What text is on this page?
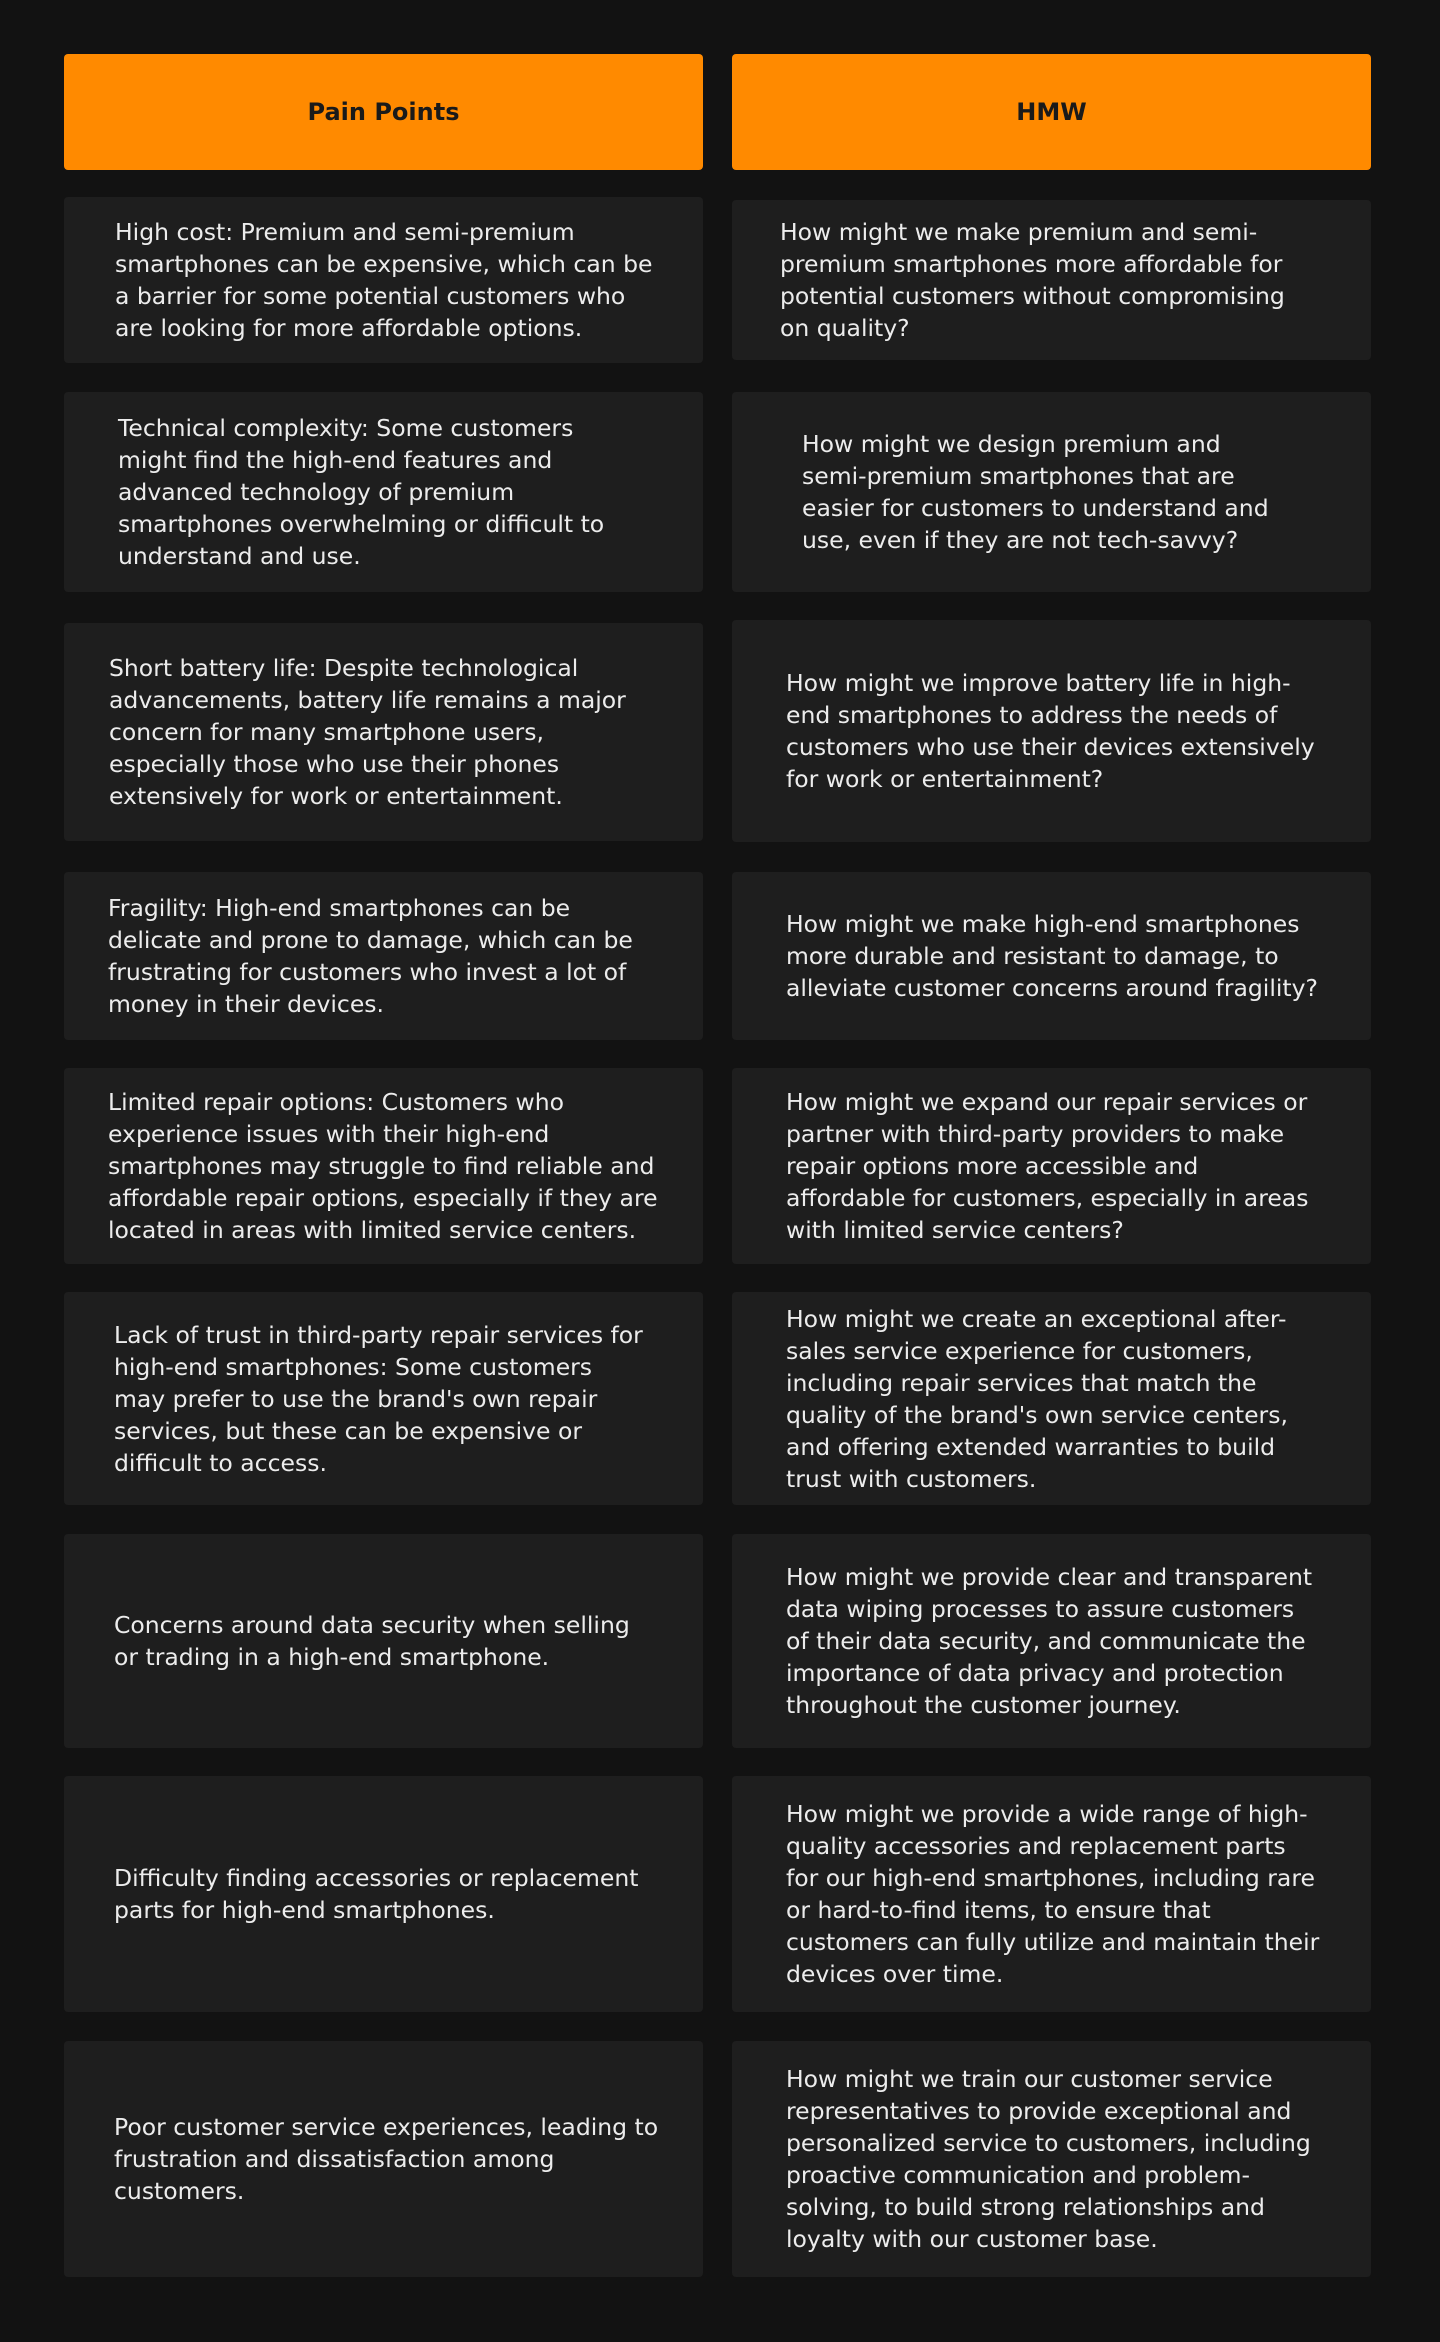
Pain Points	HMW

High cost: Premium and semi-premium
smartphones can be expensive, which can be
a barrier for some potential customers who
are looking for more affordable options.

Technical complexity: Some customers
might find the high-end features and
advanced technology of premium
smartphones overwhelming or difficult to
understand and use.

Short battery life: Despite technological
advancements, battery life remains a major
concern for many smartphone users,
especially those who use their phones
extensively for work or entertainment.

Fragility: High-end smartphones can be
delicate and prone to damage, which can be
frustrating for customers who invest a lot of
money in their devices.

Limited repair options: Customers who
experience issues with their high-end
smartphones may struggle to find reliable and
affordable repair options, especially if they are
located in areas with limited service centers.

Lack of trust in third-party repair services for
high-end smartphones: Some customers
may prefer to use the brand's own repair
services, but these can be expensive or
difficult to access.

Concerns around data security when selling
or trading in a high-end smartphone.

Difficulty finding accessories or replacement
parts for high-end smartphones.

Poor customer service experiences, leading to
frustration and dissatisfaction among
customers.

How might we make premium and semi-
premium smartphones more affordable for
potential customers without compromising
on quality?

How might we design premium and
semi-premium smartphones that are
easier for customers to understand and
use, even if they are not tech-savvy?

How might we improve battery life in high-
end smartphones to address the needs of
customers who use their devices extensively
for work or entertainment?

How might we make high-end smartphones
more durable and resistant to damage, to
alleviate customer concerns around fragility?

How might we expand our repair services or
partner with third-party providers to make
repair options more accessible and
affordable for customers, especially in areas
with limited service centers?

How might we create an exceptional after-
sales service experience for customers,
including repair services that match the
quality of the brand's own service centers,
and offering extended warranties to build
trust with customers.

How might we provide clear and transparent
data wiping processes to assure customers
of their data security, and communicate the
importance of data privacy and protection
throughout the customer journey.

How might we provide a wide range of high-
quality accessories and replacement parts
for our high-end smartphones, including rare
or hard-to-find items, to ensure that
customers can fully utilize and maintain their
devices over time.

How might we train our customer service
representatives to provide exceptional and
personalized service to customers, including
proactive communication and problem-
solving, to build strong relationships and
loyalty with our customer base.
